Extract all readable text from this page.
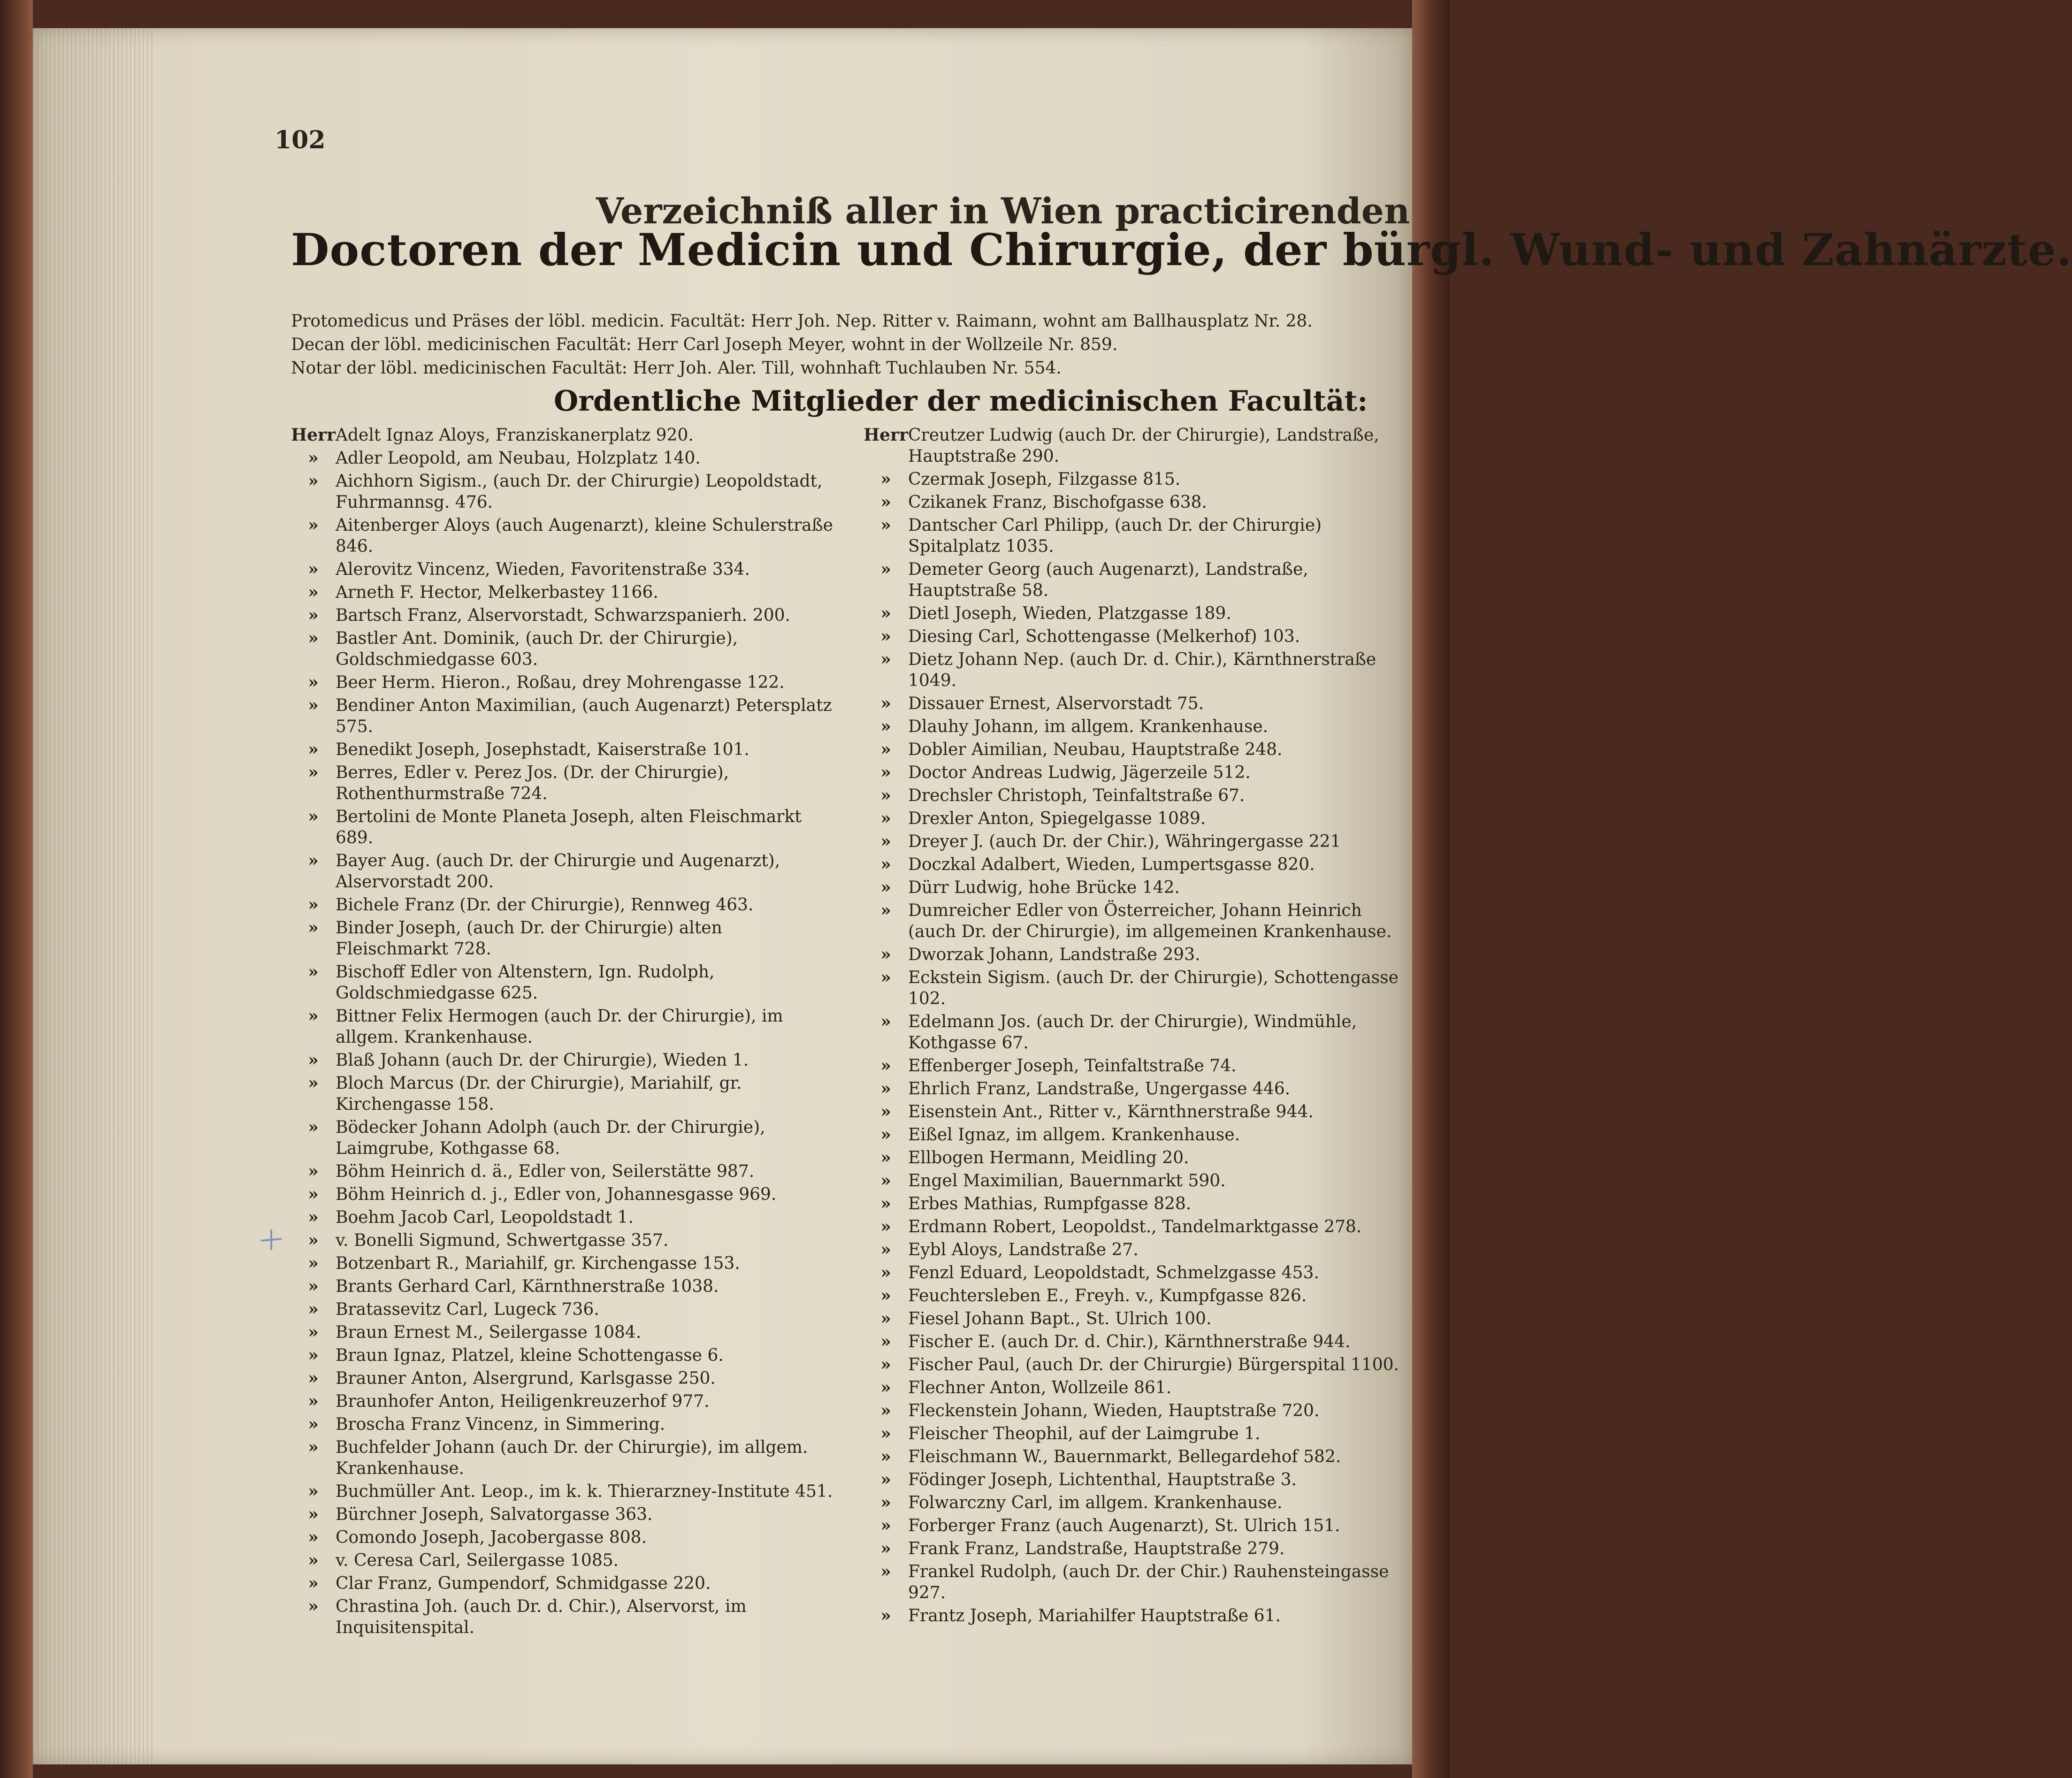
102
Verzeichniß aller in Wien practicirenden
Doctoren der Medicin und Chirurgie, der bürgl. Wund- und Zahnärzte.
Protomedicus und Präses der löbl. medicin. Facultät: Herr Joh. Nep. Ritter v. Raimann, wohnt am Ballhausplatz Nr. 28.
Decan der löbl. medicinischen Facultät: Herr Carl Joseph Meyer, wohnt in der Wollzeile Nr. 859.
Notar der löbl. medicinischen Facultät: Herr Joh. Aler. Till, wohnhaft Tuchlauben Nr. 554.
Ordentliche Mitglieder der medicinischen Facultät:
Herr Adelt Ignaz Aloys, Franziskanerplatz 920.
»	Adler Leopold, am Neubau, Holzplatz 140.
»	Aichhorn Sigism., (auch Dr. der Chirurgie) Leopoldstadt, Fuhrmannsg. 476.
»	Aitenberger Aloys (auch Augenarzt), kleine Schulerstraße 846.
»	Alerovitz Vincenz, Wieden, Favoritenstraße 334.
»	Arneth F. Hector, Melkerbastey 1166.
»	Bartsch Franz, Alservorstadt, Schwarzspanierh. 200.
»	Bastler Ant. Dominik, (auch Dr. der Chirurgie), Goldschmiedgasse 603.
»	Beer Herm. Hieron., Roßau, drey Mohrengasse 122.
»	Bendiner Anton Maximilian, (auch Augenarzt) Petersplatz 575.
»	Benedikt Joseph, Josephstadt, Kaiserstraße 101.
»	Berres, Edler v. Perez Jos. (Dr. der Chirurgie), Rothenthurmstraße 724.
»	Bertolini de Monte Planeta Joseph, alten Fleischmarkt 689.
»	Bayer Aug. (auch Dr. der Chirurgie und Augenarzt), Alservorstadt 200.
»	Bichele Franz (Dr. der Chirurgie), Rennweg 463.
»	Binder Joseph, (auch Dr. der Chirurgie) alten Fleischmarkt 728.
»	Bischoff Edler von Altenstern, Ign. Rudolph, Goldschmiedgasse 625.
»	Bittner Felix Hermogen (auch Dr. der Chirurgie), im allgem. Krankenhause.
»	Blaß Johann (auch Dr. der Chirurgie), Wieden 1.
»	Bloch Marcus (Dr. der Chirurgie), Mariahilf, gr. Kirchengasse 158.
»	Bödecker Johann Adolph (auch Dr. der Chirurgie), Laimgrube, Kothgasse 68.
»	Böhm Heinrich d. ä., Edler von, Seilerstätte 987.
»	Böhm Heinrich d. j., Edler von, Johannesgasse 969.
»	Boehm Jacob Carl, Leopoldstadt 1.
»	v. Bonelli Sigmund, Schwertgasse 357.
»	Botzenbart R., Mariahilf, gr. Kirchengasse 153.
»	Brants Gerhard Carl, Kärnthnerstraße 1038.
»	Bratassevitz Carl, Lugeck 736.
»	Braun Ernest M., Seilergasse 1084.
»	Braun Ignaz, Platzel, kleine Schottengasse 6.
»	Brauner Anton, Alsergrund, Karlsgasse 250.
»	Braunhofer Anton, Heiligenkreuzerhof 977.
»	Broscha Franz Vincenz, in Simmering.
»	Buchfelder Johann (auch Dr. der Chirurgie), im allgem. Krankenhause.
»	Buchmüller Ant. Leop., im k. k. Thierarzney-Institute 451.
»	Bürchner Joseph, Salvatorgasse 363.
»	Comondo Joseph, Jacobergasse 808.
»	v. Ceresa Carl, Seilergasse 1085.
»	Clar Franz, Gumpendorf, Schmidgasse 220.
»	Chrastina Joh. (auch Dr. d. Chir.), Alservorst, im Inquisitenspital.
Herr Creutzer Ludwig (auch Dr. der Chirurgie), Landstraße, Hauptstraße 290.
»	Czermak Joseph, Filzgasse 815.
»	Czikanek Franz, Bischofgasse 638.
»	Dantscher Carl Philipp, (auch Dr. der Chirurgie) Spitalplatz 1035.
»	Demeter Georg (auch Augenarzt), Landstraße, Hauptstraße 58.
»	Dietl Joseph, Wieden, Platzgasse 189.
»	Diesing Carl, Schottengasse (Melkerhof) 103.
»	Dietz Johann Nep. (auch Dr. d. Chir.), Kärnthnerstraße 1049.
»	Dissauer Ernest, Alservorstadt 75.
»	Dlauhy Johann, im allgem. Krankenhause.
»	Dobler Aimilian, Neubau, Hauptstraße 248.
»	Doctor Andreas Ludwig, Jägerzeile 512.
»	Drechsler Christoph, Teinfaltstraße 67.
»	Drexler Anton, Spiegelgasse 1089.
»	Dreyer J. (auch Dr. der Chir.), Währingergasse 221
»	Doczkal Adalbert, Wieden, Lumpertsgasse 820.
»	Dürr Ludwig, hohe Brücke 142.
»	Dumreicher Edler von Österreicher, Johann Heinrich (auch Dr. der Chirurgie), im allgemeinen Krankenhause.
»	Dworzak Johann, Landstraße 293.
»	Eckstein Sigism. (auch Dr. der Chirurgie), Schottengasse 102.
»	Edelmann Jos. (auch Dr. der Chirurgie), Windmühle, Kothgasse 67.
»	Effenberger Joseph, Teinfaltstraße 74.
»	Ehrlich Franz, Landstraße, Ungergasse 446.
»	Eisenstein Ant., Ritter v., Kärnthnerstraße 944.
»	Eißel Ignaz, im allgem. Krankenhause.
»	Ellbogen Hermann, Meidling 20.
»	Engel Maximilian, Bauernmarkt 590.
»	Erbes Mathias, Rumpfgasse 828.
»	Erdmann Robert, Leopoldst., Tandelmarktgasse 278.
»	Eybl Aloys, Landstraße 27.
»	Fenzl Eduard, Leopoldstadt, Schmelzgasse 453.
»	Feuchtersleben E., Freyh. v., Kumpfgasse 826.
»	Fiesel Johann Bapt., St. Ulrich 100.
»	Fischer E. (auch Dr. d. Chir.), Kärnthnerstraße 944.
»	Fischer Paul, (auch Dr. der Chirurgie) Bürgerspital 1100.
»	Flechner Anton, Wollzeile 861.
»	Fleckenstein Johann, Wieden, Hauptstraße 720.
»	Fleischer Theophil, auf der Laimgrube 1.
»	Fleischmann W., Bauernmarkt, Bellegardehof 582.
»	Födinger Joseph, Lichtenthal, Hauptstraße 3.
»	Folwarczny Carl, im allgem. Krankenhause.
»	Forberger Franz (auch Augenarzt), St. Ulrich 151.
»	Frank Franz, Landstraße, Hauptstraße 279.
»	Frankel Rudolph, (auch Dr. der Chir.) Rauhensteingasse 927.
»	Frantz Joseph, Mariahilfer Hauptstraße 61.
